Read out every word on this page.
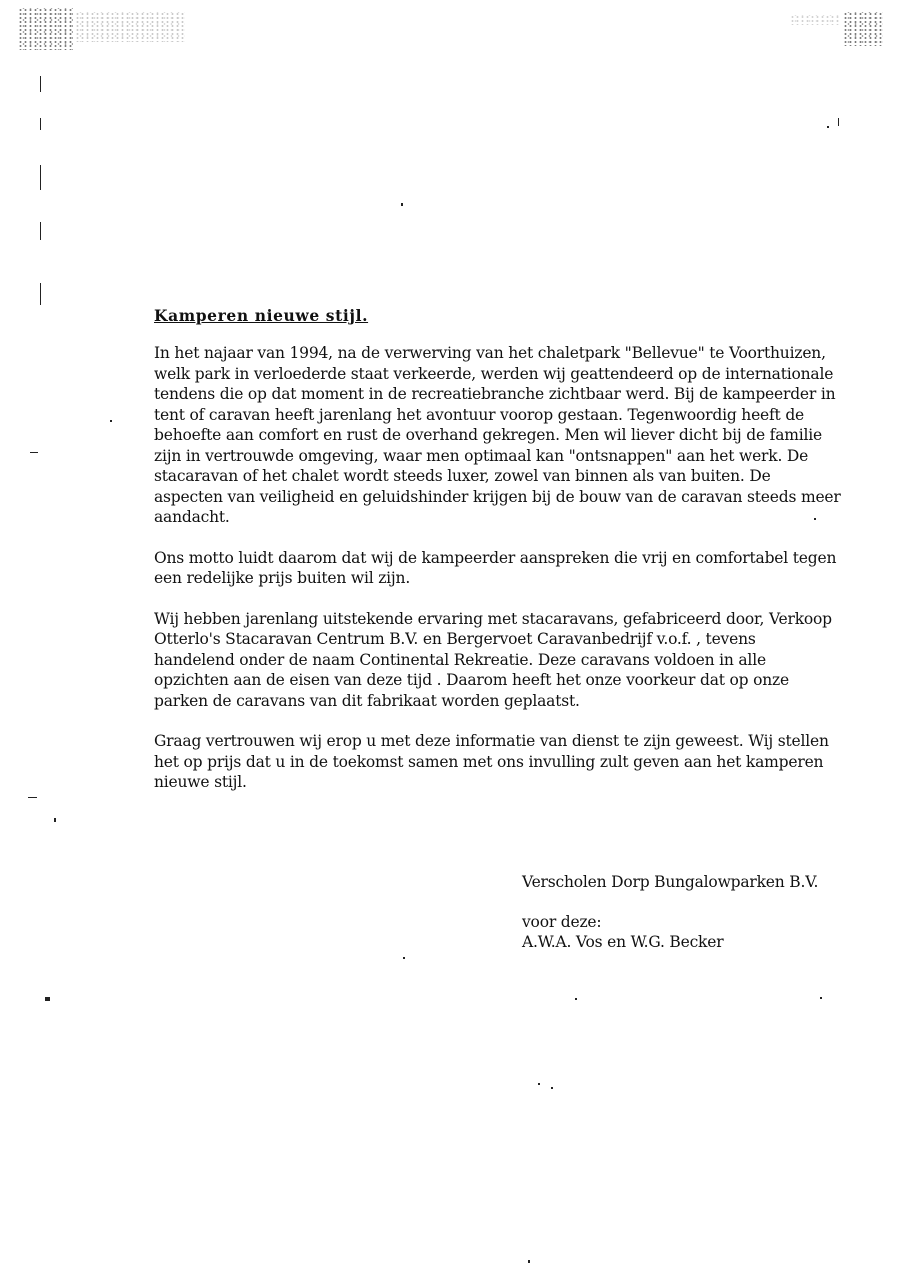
Kamperen nieuwe stijl.
In het najaar van 1994, na de verwerving van het chaletpark "Bellevue" te Voorthuizen,
welk park in verloederde staat verkeerde, werden wij geattendeerd op de internationale
tendens die op dat moment in de recreatiebranche zichtbaar werd. Bij de kampeerder in
tent of caravan heeft jarenlang het avontuur voorop gestaan. Tegenwoordig heeft de
behoefte aan comfort en rust de overhand gekregen. Men wil liever dicht bij de familie
zijn in vertrouwde omgeving, waar men optimaal kan "ontsnappen" aan het werk. De
stacaravan of het chalet wordt steeds luxer, zowel van binnen als van buiten. De
aspecten van veiligheid en geluidshinder krijgen bij de bouw van de caravan steeds meer
aandacht.
Ons motto luidt daarom dat wij de kampeerder aanspreken die vrij en comfortabel tegen
een redelijke prijs buiten wil zijn.
Wij hebben jarenlang uitstekende ervaring met stacaravans, gefabriceerd door, Verkoop
Otterlo's Stacaravan Centrum B.V. en Bergervoet Caravanbedrijf v.o.f. , tevens
handelend onder de naam Continental Rekreatie. Deze caravans voldoen in alle
opzichten aan de eisen van deze tijd . Daarom heeft het onze voorkeur dat op onze
parken de caravans van dit fabrikaat worden geplaatst.
Graag vertrouwen wij erop u met deze informatie van dienst te zijn geweest. Wij stellen
het op prijs dat u in de toekomst samen met ons invulling zult geven aan het kamperen
nieuwe stijl.
Verscholen Dorp Bungalowparken B.V.
voor deze:
A.W.A. Vos en W.G. Becker
